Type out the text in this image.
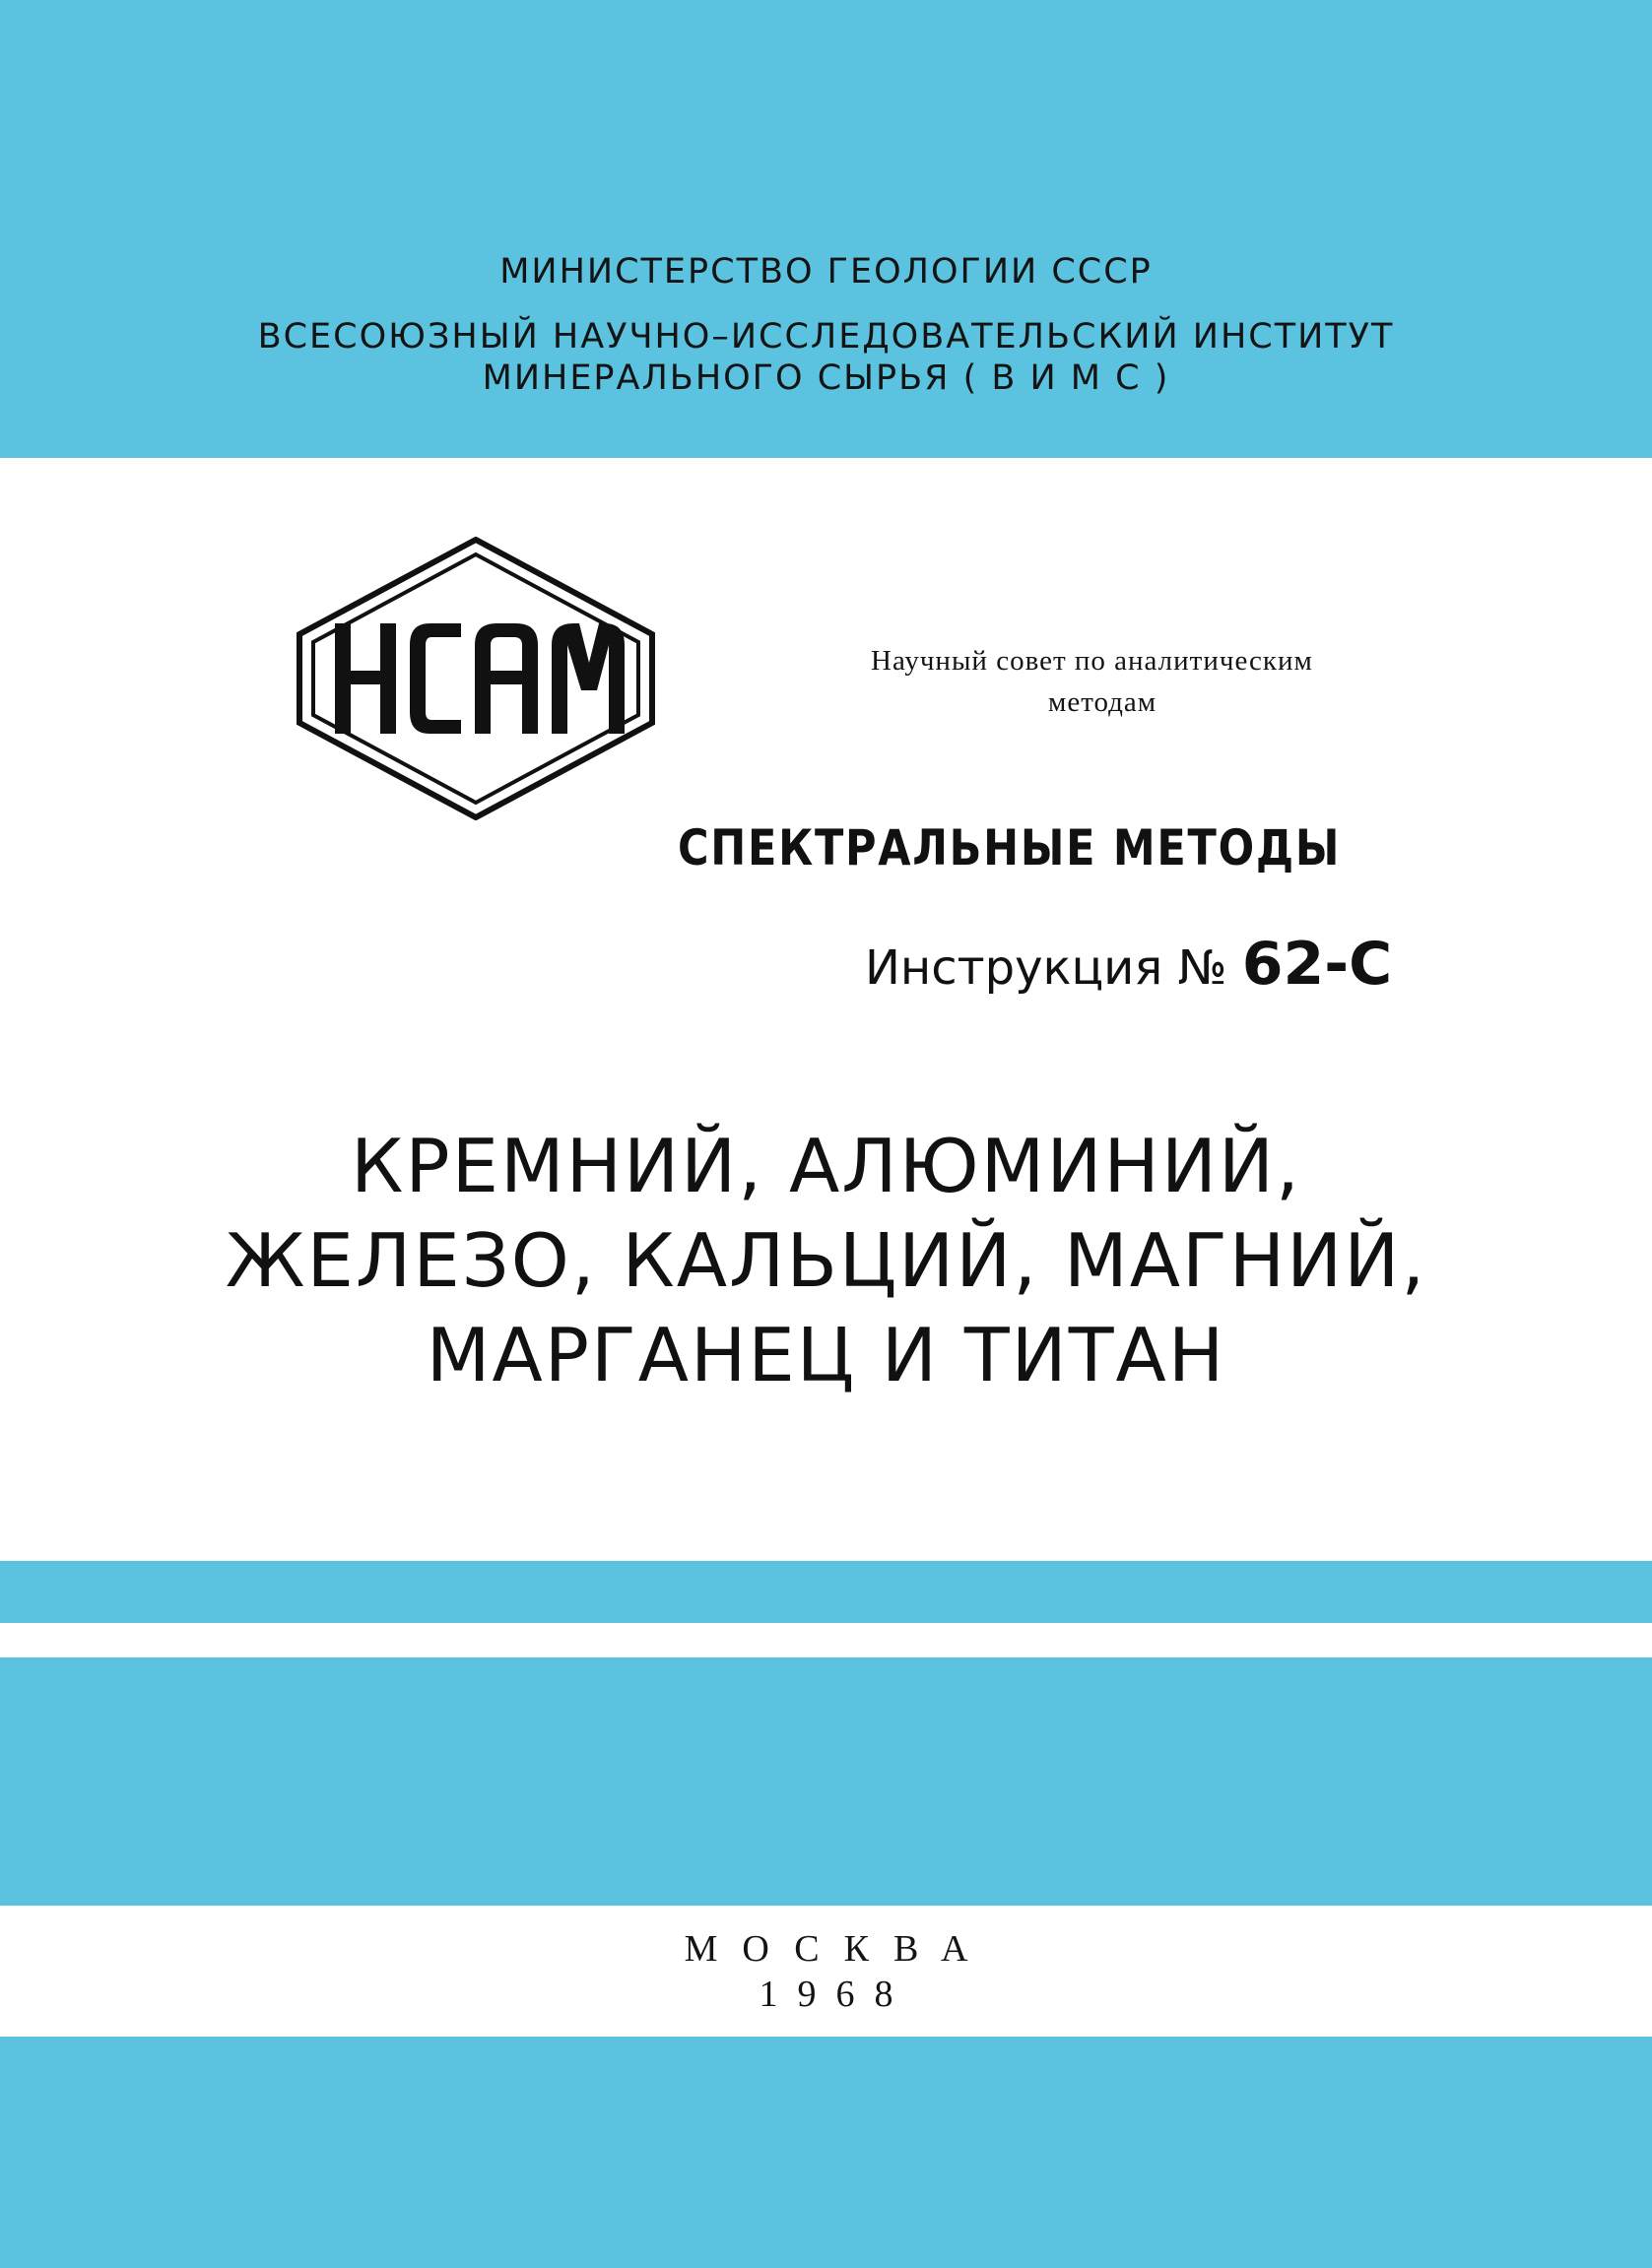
МИНИСТЕРСТВО ГЕОЛОГИИ СССР
ВСЕСОЮЗНЫЙ НАУЧНО–ИССЛЕДОВАТЕЛЬСКИЙ ИНСТИТУТ
МИНЕРАЛЬНОГО СЫРЬЯ ( В И М С )
Научный совет по аналитическим
методам
СПЕКТРАЛЬНЫЕ МЕТОДЫ
Инструкция № 62-С
КРЕМНИЙ, АЛЮМИНИЙ,
ЖЕЛЕЗО, КАЛЬЦИЙ, МАГНИЙ,
МАРГАНЕЦ И ТИТАН
МОСКВА
1968
